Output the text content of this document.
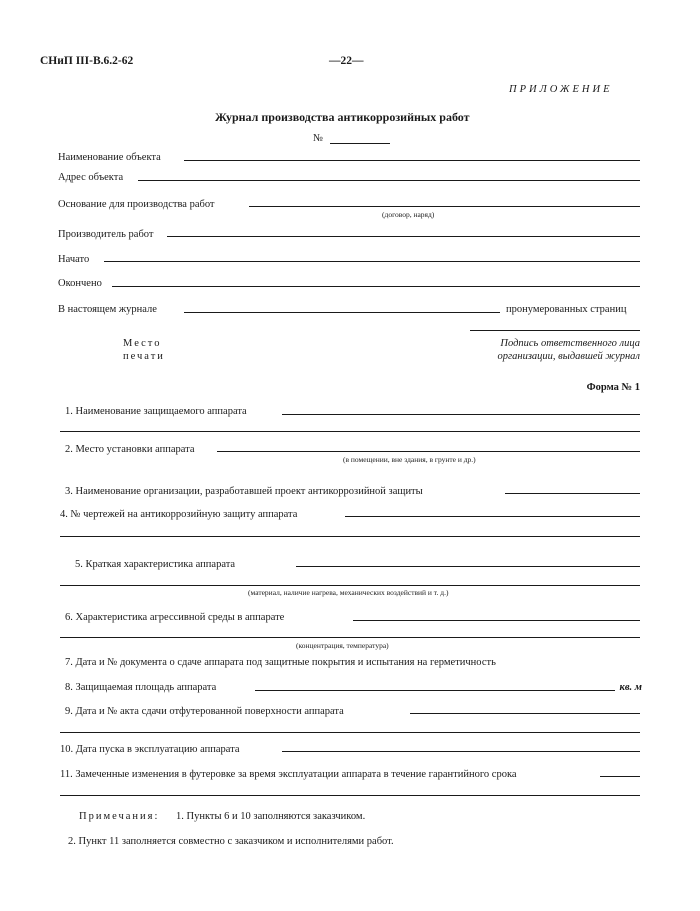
СНиП III-В.6.2-62	—22—
ПРИЛОЖЕНИЕ
Журнал производства антикоррозийных работ
№
Наименование объекта
Адрес объекта
Основание для производства работ
(договор, наряд)
Производитель работ
Начато
Окончено
В настоящем журнале	пронумерованных страниц
Место
печати
Подпись ответственного лица
организации, выдавшей журнал
Форма № 1
1. Наименование защищаемого аппарата
2. Место установки аппарата
(в помещении, вне здания, в грунте и др.)
3. Наименование организации, разработавшей проект антикоррозийной защиты
4. № чертежей на антикоррозийную защиту аппарата
5. Краткая характеристика аппарата
(материал, наличие нагрева, механических воздействий и т. д.)
6. Характеристика агрессивной среды в аппарате
(концентрация, температура)
7. Дата и № документа о сдаче аппарата под защитные покрытия и испытания на герметичность
8. Защищаемая площадь аппарата	кв. м
9. Дата и № акта сдачи отфутерованной поверхности аппарата
10. Дата пуска в эксплуатацию аппарата
11. Замеченные изменения в футеровке за время эксплуатации аппарата в течение гарантийного срока
Примечания: 1. Пункты 6 и 10 заполняются заказчиком.
2. Пункт 11 заполняется совместно с заказчиком и исполнителями работ.
